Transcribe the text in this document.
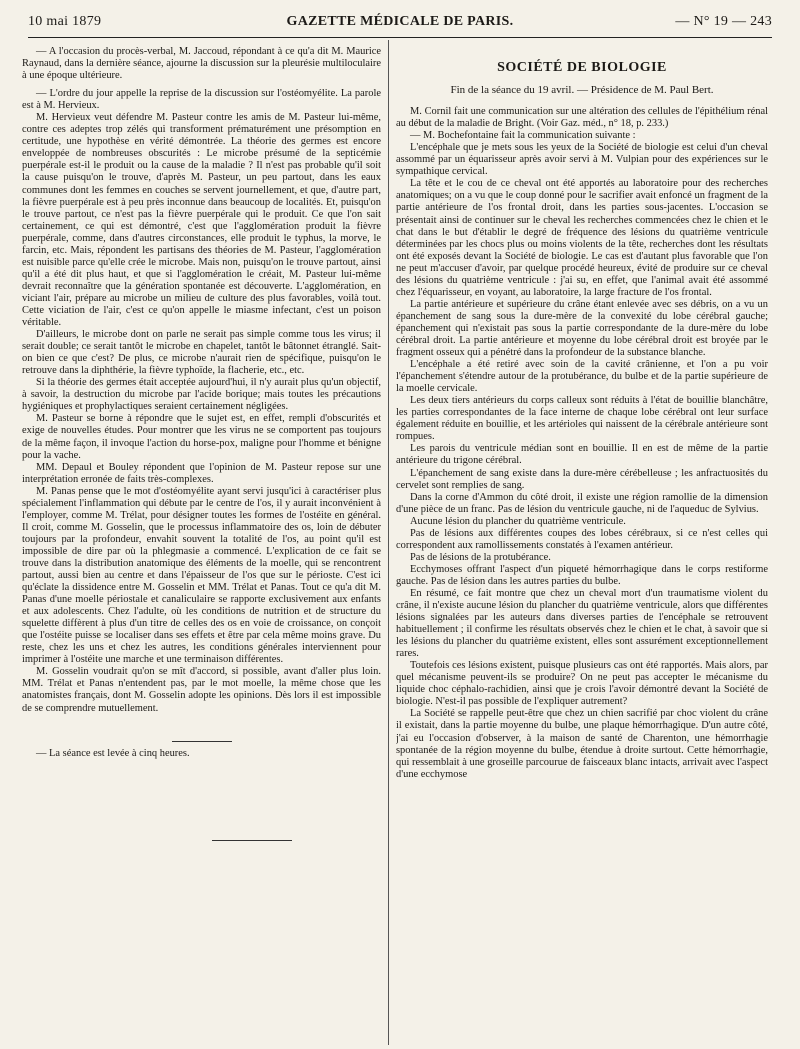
10 mai 1879	GAZETTE MÉDICALE DE PARIS.	— N° 19 — 243

— A l'occasion du procès-verbal, M. Jaccoud, répondant à ce qu'a dit M. Maurice Raynaud, dans la dernière séance, ajourne la discussion sur la pleurésie multiloculaire à une époque ultérieure.

— L'ordre du jour appelle la reprise de la discussion sur l'ostéomyélite. La parole est à M. Hervieux.

M. Hervieux veut défendre M. Pasteur contre les amis de M. Pasteur lui-même, contre ces adeptes trop zélés qui transforment prématurément une présomption en certitude, une hypothèse en vérité démontrée. La théorie des germes est encore enveloppée de nombreuses obscurités : Le microbe présumé de la septicémie puerpérale est-il le produit ou la cause de la maladie ? Il n'est pas probable qu'il soit la cause puisqu'on le trouve, d'après M. Pasteur, un peu partout, dans les eaux communes dont les femmes en couches se servent journellement, et que, d'autre part, la fièvre puerpérale est à peu près inconnue dans beaucoup de localités. Et, puisqu'on le trouve partout, ce n'est pas la fièvre puerpérale qui le produit. Ce que l'on sait certainement, ce qui est démontré, c'est que l'agglomération produit la fièvre puerpérale, comme, dans d'autres circonstances, elle produit le typhus, la morve, le farcin, etc. Mais, répondent les partisans des théories de M. Pasteur, l'agglomération est nuisible parce qu'elle crée le microbe. Mais non, puisqu'on le trouve partout, ainsi qu'il a été dit plus haut, et que si l'agglomération le créait, M. Pasteur lui-même devrait reconnaître que la génération spontanée est découverte. L'agglomération, en viciant l'air, prépare au microbe un milieu de culture des plus favorables, voilà tout. Cette viciation de l'air, c'est ce qu'on appelle le miasme infectant, c'est un poison véritable.

D'ailleurs, le microbe dont on parle ne serait pas simple comme tous les virus; il serait double; ce serait tantôt le microbe en chapelet, tantôt le bâtonnet étranglé. Sait-on bien ce que c'est? De plus, ce microbe n'aurait rien de spécifique, puisqu'on le retrouve dans la diphthérie, la fièvre typhoïde, la flacherie, etc., etc.

Si la théorie des germes était acceptée aujourd'hui, il n'y aurait plus qu'un objectif, à savoir, la destruction du microbe par l'acide borique; mais toutes les précautions hygiéniques et prophylactiques seraient certainement négligées.

M. Pasteur se borne à répondre que le sujet est, en effet, rempli d'obscurités et exige de nouvelles études. Pour montrer que les virus ne se comportent pas toujours de la même façon, il invoque l'action du horse-pox, maligne pour l'homme et bénigne pour la vache.

MM. Depaul et Bouley répondent que l'opinion de M. Pasteur repose sur une interprétation erronée de faits très-complexes.

M. Panas pense que le mot d'ostéomyélite ayant servi jusqu'ici à caractériser plus spécialement l'inflammation qui débute par le centre de l'os, il y aurait inconvénient à l'employer, comme M. Trélat, pour désigner toutes les formes de l'ostéite en général. Il croit, comme M. Gosselin, que le processus inflammatoire des os, loin de débuter toujours par la profondeur, envahit souvent la totalité de l'os, au point qu'il est impossible de dire par où la phlegmasie a commencé. L'explication de ce fait se trouve dans la distribution anatomique des éléments de la moelle, qui se rencontrent partout, aussi bien au centre et dans l'épaisseur de l'os que sur le périoste. C'est ici qu'éclate la dissidence entre M. Gosselin et MM. Trélat et Panas. Tout ce qu'a dit M. Panas d'une moelle périostale et canaliculaire se rapporte exclusivement aux enfants et aux adolescents. Chez l'adulte, où les conditions de nutrition et de structure du squelette diffèrent à plus d'un titre de celles des os en voie de croissance, on conçoit que l'ostéite puisse se localiser dans ses effets et être par cela même moins grave. Du reste, chez les uns et chez les autres, les conditions générales interviennent pour imprimer à l'ostéite une marche et une terminaison différentes.

M. Gosselin voudrait qu'on se mît d'accord, si possible, avant d'aller plus loin. MM. Trélat et Panas n'entendent pas, par le mot moelle, la même chose que les anatomistes français, dont M. Gosselin adopte les opinions. Dès lors il est impossible de se comprendre mutuellement.

— La séance est levée à cinq heures.

SOCIÉTÉ DE BIOLOGIE
Fin de la séance du 19 avril. — Présidence de M. Paul Bert.

M. Cornil fait une communication sur une altération des cellules de l'épithélium rénal au début de la maladie de Bright. (Voir Gaz. méd., n° 18, p. 233.)

— M. Bochefontaine fait la communication suivante :

L'encéphale que je mets sous les yeux de la Société de biologie est celui d'un cheval assommé par un équarisseur après avoir servi à M. Vulpian pour des expériences sur le sympathique cervical.

La tête et le cou de ce cheval ont été apportés au laboratoire pour des recherches anatomiques; on a vu que le coup donné pour le sacrifier avait enfoncé un fragment de la partie antérieure de l'os frontal droit, dans les parties sous-jacentes. L'occasion se présentait ainsi de continuer sur le cheval les recherches commencées chez le chien et le chat dans le but d'établir le degré de fréquence des lésions du quatrième ventricule déterminées par les chocs plus ou moins violents de la tête, recherches dont les résultats ont été exposés devant la Société de biologie. Le cas est d'autant plus favorable que l'on ne peut m'accuser d'avoir, par quelque procédé heureux, évité de produire sur ce cheval des lésions du quatrième ventricule : j'ai su, en effet, que l'animal avait été assommé chez l'équarisseur, en voyant, au laboratoire, la large fracture de l'os frontal.

La partie antérieure et supérieure du crâne étant enlevée avec ses débris, on a vu un épanchement de sang sous la dure-mère de la convexité du lobe cérébral gauche; épanchement qui n'existait pas sous la partie correspondante de la dure-mère du lobe cérébral droit. La partie antérieure et moyenne du lobe cérébral droit est broyée par le fragment osseux qui a pénétré dans la profondeur de la substance blanche.

L'encéphale a été retiré avec soin de la cavité crânienne, et l'on a pu voir l'épanchement s'étendre autour de la protubérance, du bulbe et de la partie supérieure de la moelle cervicale.

Les deux tiers antérieurs du corps calleux sont réduits à l'état de bouillie blanchâtre, les parties correspondantes de la face interne de chaque lobe cérébral ont leur surface également réduite en bouillie, et les artérioles qui naissent de la cérébrale antérieure sont rompues.

Les parois du ventricule médian sont en bouillie. Il en est de même de la partie antérieure du trigone cérébral.

L'épanchement de sang existe dans la dure-mère cérébelleuse ; les anfractuosités du cervelet sont remplies de sang.

Dans la corne d'Ammon du côté droit, il existe une région ramollie de la dimension d'une pièce de un franc. Pas de lésion du ventricule gauche, ni de l'aqueduc de Sylvius.

Aucune lésion du plancher du quatrième ventricule.

Pas de lésions aux différentes coupes des lobes cérébraux, si ce n'est celles qui correspondent aux ramollissements constatés à l'examen antérieur.

Pas de lésions de la protubérance.

Ecchymoses offrant l'aspect d'un piqueté hémorrhagique dans le corps restiforme gauche. Pas de lésion dans les autres parties du bulbe.

En résumé, ce fait montre que chez un cheval mort d'un traumatisme violent du crâne, il n'existe aucune lésion du plancher du quatrième ventricule, alors que différentes lésions signalées par les auteurs dans diverses parties de l'encéphale se retrouvent habituellement ; il confirme les résultats observés chez le chien et le chat, à savoir que si les lésions du plancher du quatrième existent, elles sont assurément exceptionnellement rares.

Toutefois ces lésions existent, puisque plusieurs cas ont été rapportés. Mais alors, par quel mécanisme peuvent-ils se produire? On ne peut pas accepter le mécanisme du liquide choc céphalo-rachidien, ainsi que je crois l'avoir démontré devant la Société de biologie. N'est-il pas possible de l'expliquer autrement?

La Société se rappelle peut-être que chez un chien sacrifié par choc violent du crâne il existait, dans la partie moyenne du bulbe, une plaque hémorrhagique. D'un autre côté, j'ai eu l'occasion d'observer, à la maison de santé de Charenton, une hémorrhagie spontanée de la région moyenne du bulbe, étendue à droite surtout. Cette hémorrhagie, qui ressemblait à une groseille parcourue de faisceaux blanc intacts, arrivait avec l'aspect d'une ecchymose
